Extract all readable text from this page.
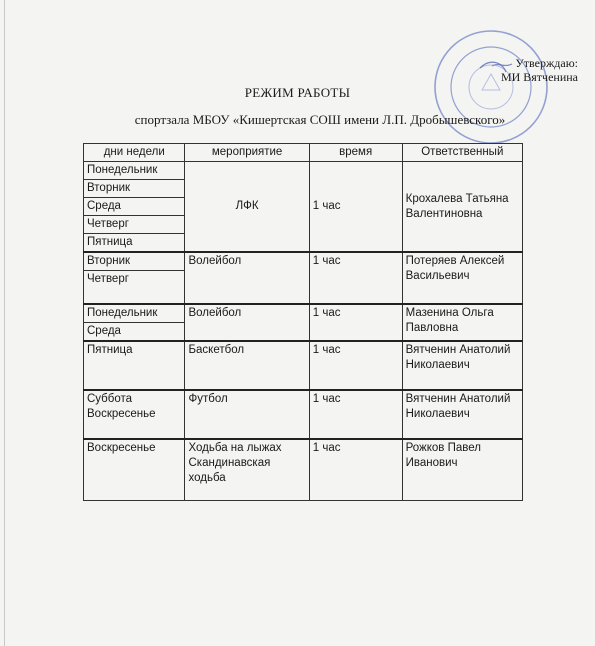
Утверждаю:
МИ Вятченина
РЕЖИМ РАБОТЫ
спортзала МБОУ «Кишертская СОШ имени Л.П. Дробышевского»
дни недели	мероприятие	время	Ответственный
Понедельник	ЛФК	1 час	Крохалева Татьяна Валентиновна
Вторник			
Среда			
Четверг			
Пятница			
Вторник	Волейбол	1 час	Потеряев Алексей Васильевич
Четверг			
Понедельник	Волейбол	1 час	Мазенина Ольга Павловна
Среда			
Пятница	Баскетбол	1 час	Вятченин Анатолий Николаевич
Суббота Воскресенье	Футбол	1 час	Вятченин Анатолий Николаевич
Воскресенье	Ходьба на лыжах Скандинавская ходьба	1 час	Рожков Павел Иванович
